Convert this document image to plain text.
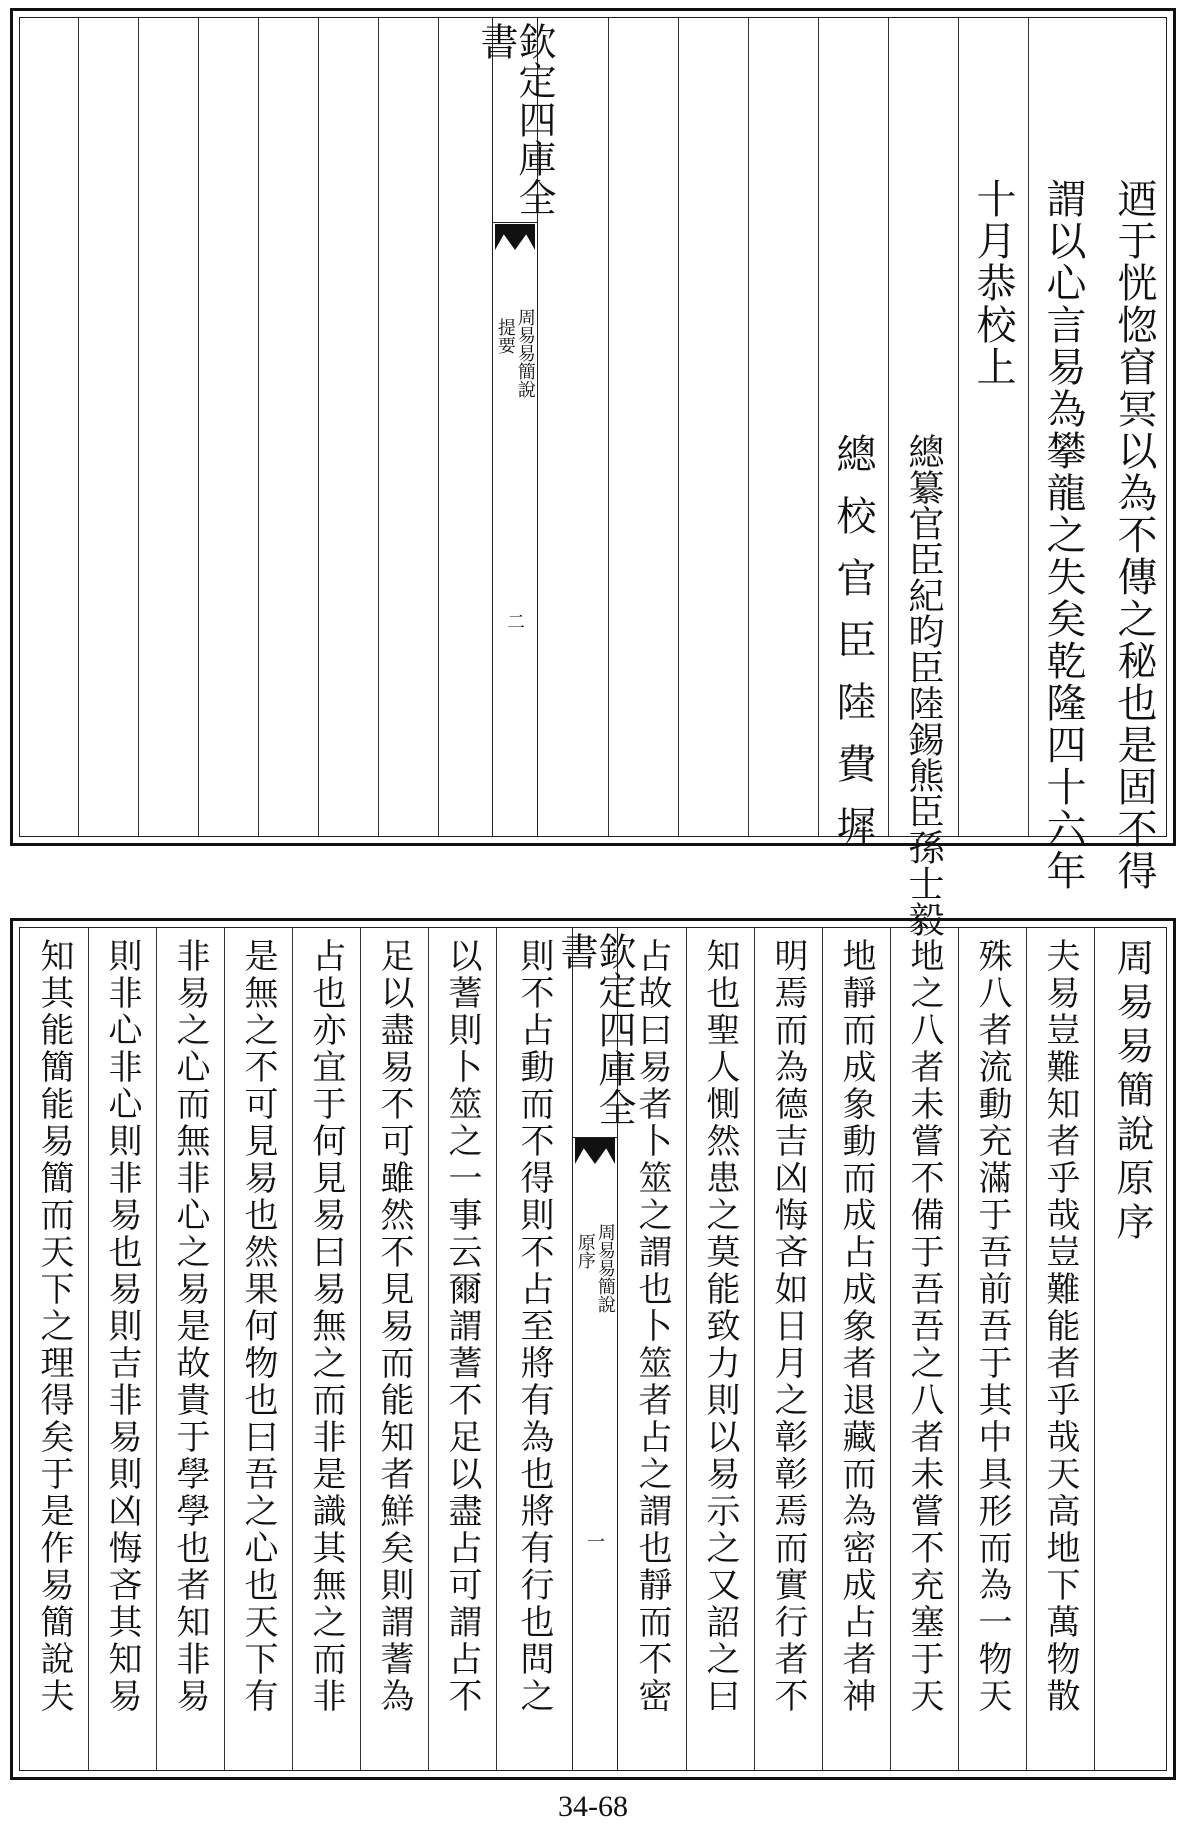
欽定四庫全書
周易易簡說
提要
二	迺于恍惚窅冥以為不傳之秘也是固不得
謂以心言易為攀龍之失矣乾隆四十六年
十月恭校上
總纂官臣紀昀臣陸錫熊臣孫士毅
總校官臣陸費墀
欽定四庫全書
周易易簡說
原序
一
周易易簡說原序
夫易豈難知者乎哉豈難能者乎哉天高地下萬物散
殊八者流動充滿于吾前吾于其中具形而為一物天
地之八者未嘗不備于吾吾之八者未嘗不充塞于天
地靜而成象動而成占成象者退藏而為密成占者神
明焉而為德吉凶悔吝如日月之彰彰焉而實行者不
知也聖人惻然患之莫能致力則以易示之又詔之曰
占故曰易者卜筮之謂也卜筮者占之謂也靜而不密
則不占動而不得則不占至將有為也將有行也問之
以蓍則卜筮之一事云爾謂蓍不足以盡占可謂占不
足以盡易不可雖然不見易而能知者鮮矣則謂蓍為
占也亦宜于何見易曰易無之而非是識其無之而非
是無之不可見易也然果何物也曰吾之心也天下有
非易之心而無非心之易是故貴于學學也者知非易
則非心非心則非易也易則吉非易則凶悔吝其知易
知其能簡能易簡而天下之理得矣于是作易簡說夫
34-68
